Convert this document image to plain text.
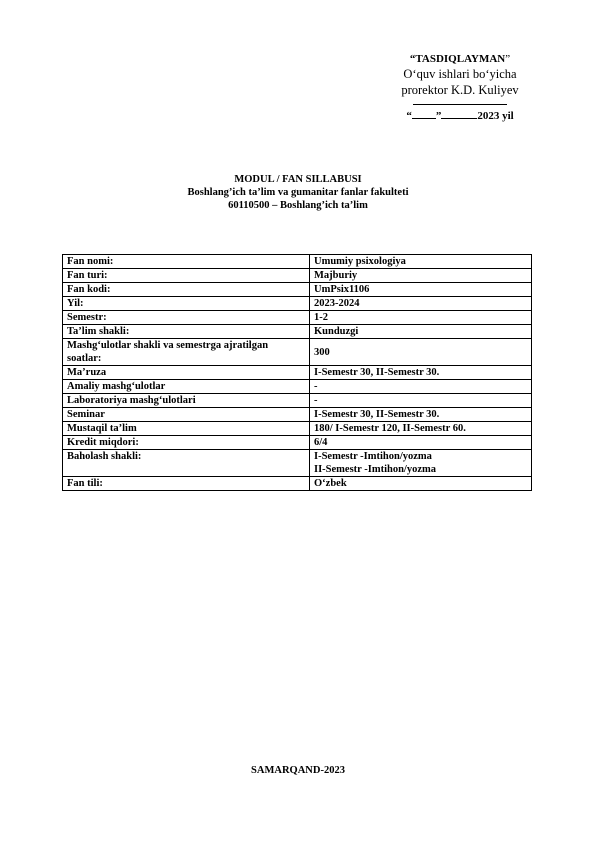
“TASDIQLAYMAN”
O‘quv ishlari bo‘yicha
prorektor K.D. Kuliyev
“ ”	2023 yil
MODUL / FAN SILLABUSI
Boshlang’ich ta’lim va gumanitar fanlar fakulteti
60110500 – Boshlang’ich ta’lim
Fan nomi:	Umumiy psixologiya
Fan turi:	Majburiy
Fan kodi:	UmPsix1106
Yil:	2023-2024
Semestr:	1-2
Ta’lim shakli:	Kunduzgi
Mashg‘ulotlar shakli va semestrga ajratilgan soatlar:	300
Ma’ruza	I-Semestr 30, II-Semestr 30.
Amaliy mashg‘ulotlar	-
Laboratoriya mashg‘ulotlari	-
Seminar	I-Semestr 30, II-Semestr 30.
Mustaqil ta’lim	180/ I-Semestr 120, II-Semestr 60.
Kredit miqdori:	6/4
Baholash shakli:	I-Semestr -Imtihon/yozma
II-Semestr -Imtihon/yozma

Fan tili:	O‘zbek
SAMARQAND-2023
